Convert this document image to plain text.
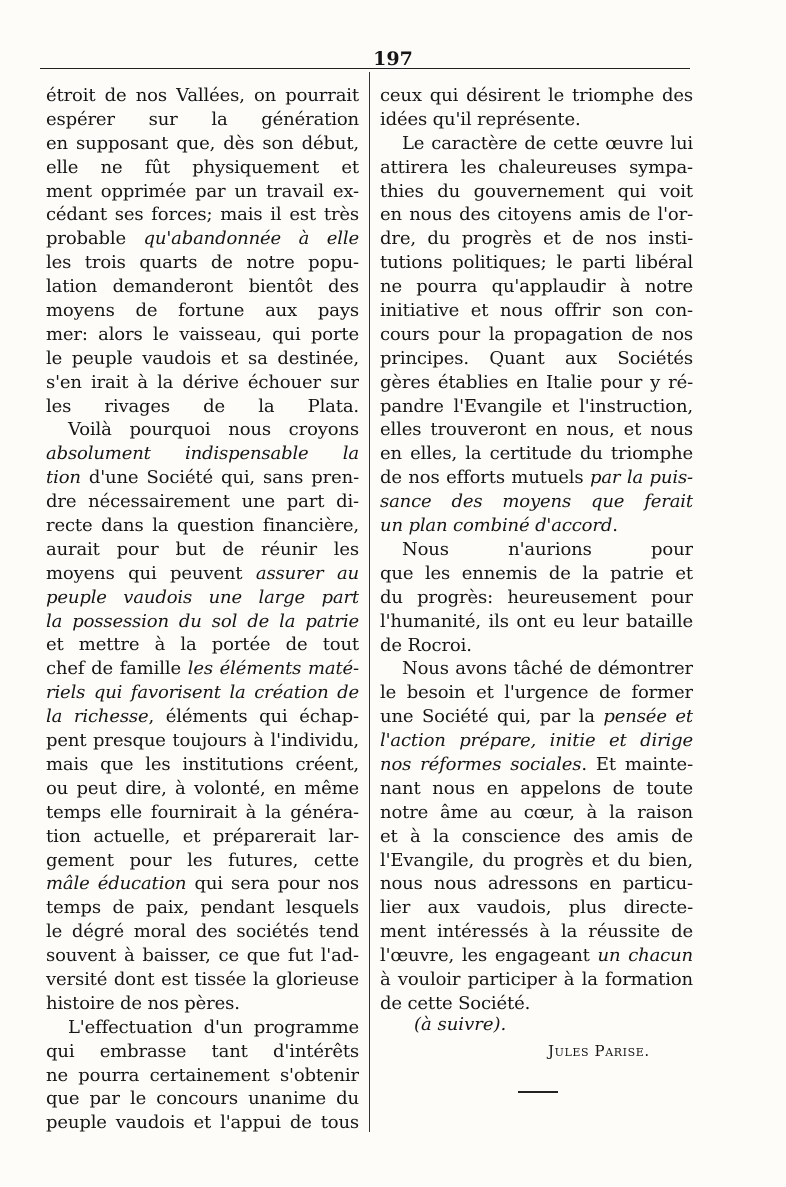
197
étroit de nos Vallées, on pourrait
espérer sur la génération
en supposant que, dès son début,
elle ne fût physiquement et
ment opprimée par un travail ex-
cédant ses forces; mais il est très
probable qu'abandonnée à elle
les trois quarts de notre popu-
lation demanderont bientôt des
moyens de fortune aux pays
mer: alors le vaisseau, qui porte
le peuple vaudois et sa destinée,
s'en irait à la dérive échouer sur
les rivages de la Plata.
Voilà pourquoi nous croyons
absolument indispensable la
tion d'une Société qui, sans pren-
dre nécessairement une part di-
recte dans la question financière,
aurait pour but de réunir les
moyens qui peuvent assurer au
peuple vaudois une large part
la possession du sol de la patrie
et mettre à la portée de tout
chef de famille les éléments maté-
riels qui favorisent la création de
la richesse, éléments qui échap-
pent presque toujours à l'individu,
mais que les institutions créent,
ou peut dire, à volonté, en même
temps elle fournirait à la généra-
tion actuelle, et préparerait lar-
gement pour les futures, cette
mâle éducation qui sera pour nos
temps de paix, pendant lesquels
le dégré moral des sociétés tend
souvent à baisser, ce que fut l'ad-
versité dont est tissée la glorieuse
histoire de nos pères.
L'effectuation d'un programme
qui embrasse tant d'intérêts
ne pourra certainement s'obtenir
que par le concours unanime du
peuple vaudois et l'appui de tous
ceux qui désirent le triomphe des
idées qu'il représente.
Le caractère de cette œuvre lui
attirera les chaleureuses sympa-
thies du gouvernement qui voit
en nous des citoyens amis de l'or-
dre, du progrès et de nos insti-
tutions politiques; le parti libéral
ne pourra qu'applaudir à notre
initiative et nous offrir son con-
cours pour la propagation de nos
principes. Quant aux Sociétés
gères établies en Italie pour y ré-
pandre l'Evangile et l'instruction,
elles trouveront en nous, et nous
en elles, la certitude du triomphe
de nos efforts mutuels par la puis-
sance des moyens que ferait
un plan combiné d'accord.
Nous n'aurions pour
que les ennemis de la patrie et
du progrès: heureusement pour
l'humanité, ils ont eu leur bataille
de Rocroi.
Nous avons tâché de démontrer
le besoin et l'urgence de former
une Société qui, par la pensée et
l'action prépare, initie et dirige
nos réformes sociales. Et mainte-
nant nous en appelons de toute
notre âme au cœur, à la raison
et à la conscience des amis de
l'Evangile, du progrès et du bien,
nous nous adressons en particu-
lier aux vaudois, plus directe-
ment intéressés à la réussite de
l'œuvre, les engageant un chacun
à vouloir participer à la formation
de cette Société.
(à suivre).
Jules Parise.
